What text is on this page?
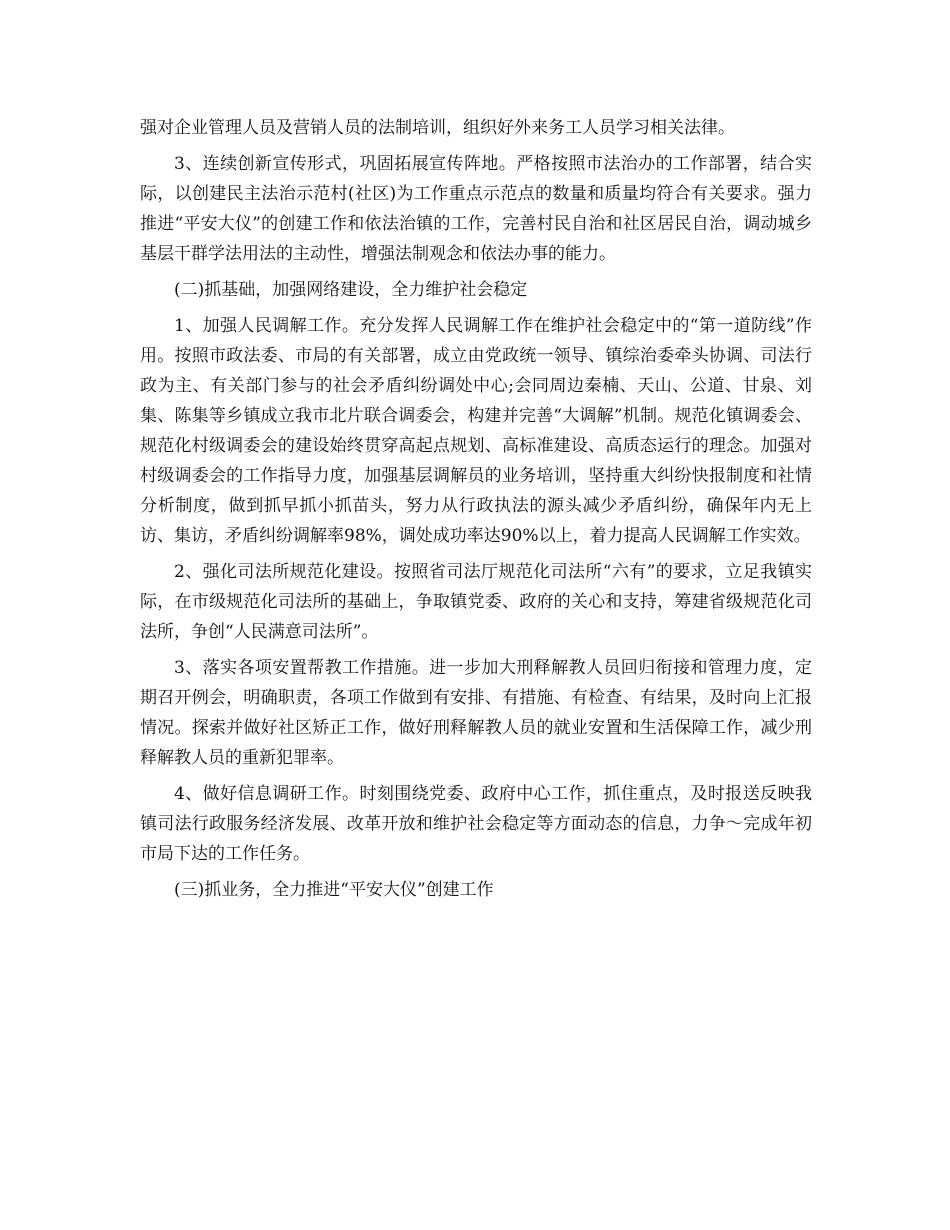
强对企业管理人员及营销人员的法制培训，组织好外来务工人员学习相关法律。

3、连续创新宣传形式，巩固拓展宣传阵地。严格按照市法治办的工作部署，结合实际，以创建民主法治示范村(社区)为工作重点示范点的数量和质量均符合有关要求。强力推进“平安大仪”的创建工作和依法治镇的工作，完善村民自治和社区居民自治，调动城乡基层干群学法用法的主动性，增强法制观念和依法办事的能力。

(二)抓基础，加强网络建设，全力维护社会稳定

1、加强人民调解工作。充分发挥人民调解工作在维护社会稳定中的“第一道防线”作用。按照市政法委、市局的有关部署，成立由党政统一领导、镇综治委牵头协调、司法行政为主、有关部门参与的社会矛盾纠纷调处中心;会同周边秦楠、天山、公道、甘泉、刘集、陈集等乡镇成立我市北片联合调委会，构建并完善“大调解”机制。规范化镇调委会、规范化村级调委会的建设始终贯穿高起点规划、高标准建设、高质态运行的理念。加强对村级调委会的工作指导力度，加强基层调解员的业务培训，坚持重大纠纷快报制度和社情分析制度，做到抓早抓小抓苗头，努力从行政执法的源头减少矛盾纠纷，确保年内无上访、集访，矛盾纠纷调解率98%，调处成功率达90%以上，着力提高人民调解工作实效。

2、强化司法所规范化建设。按照省司法厅规范化司法所“六有”的要求，立足我镇实际，在市级规范化司法所的基础上，争取镇党委、政府的关心和支持，筹建省级规范化司法所，争创“人民满意司法所”。

3、落实各项安置帮教工作措施。进一步加大刑释解教人员回归衔接和管理力度，定期召开例会，明确职责，各项工作做到有安排、有措施、有检查、有结果，及时向上汇报情况。探索并做好社区矫正工作，做好刑释解教人员的就业安置和生活保障工作，减少刑释解教人员的重新犯罪率。

4、做好信息调研工作。时刻围绕党委、政府中心工作，抓住重点，及时报送反映我镇司法行政服务经济发展、改革开放和维护社会稳定等方面动态的信息，力争～完成年初市局下达的工作任务。

(三)抓业务，全力推进“平安大仪”创建工作
